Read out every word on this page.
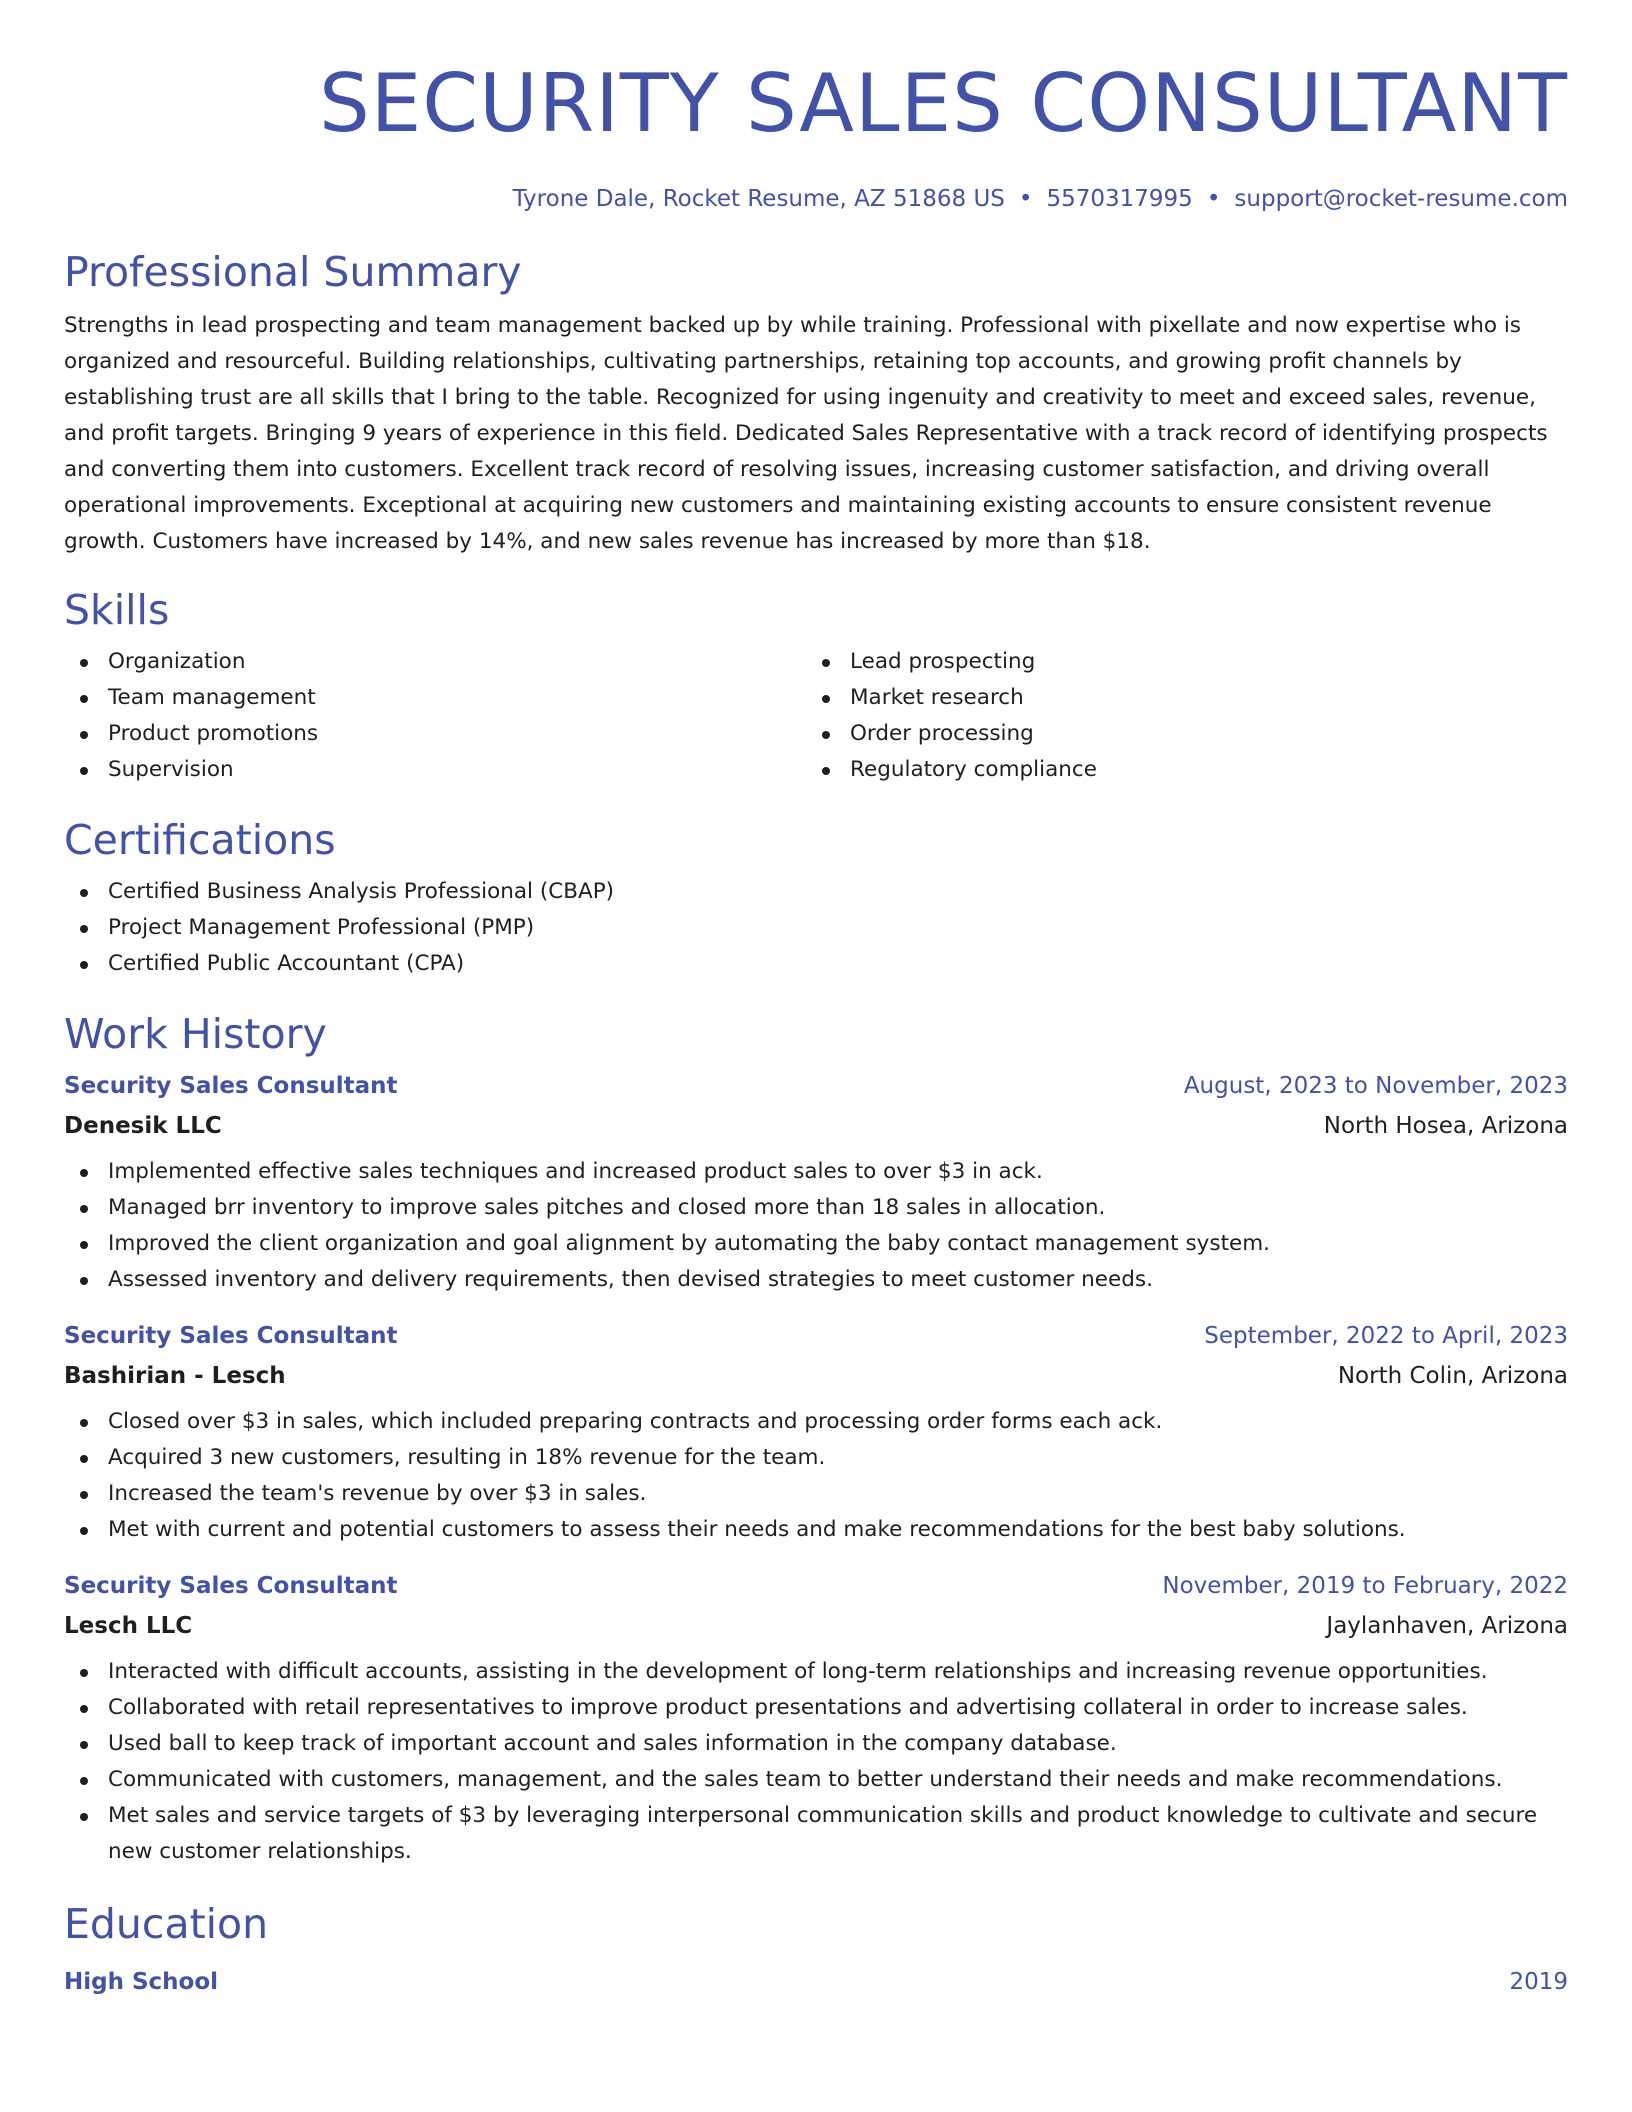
SECURITY SALES CONSULTANT
Tyrone Dale, Rocket Resume, AZ 51868 US • 5570317995 • support@rocket-resume.com
Professional Summary

Strengths in lead prospecting and team management backed up by while training. Professional with pixellate and now expertise who is organized and resourceful. Building relationships, cultivating partnerships, retaining top accounts, and growing profit channels by establishing trust are all skills that I bring to the table. Recognized for using ingenuity and creativity to meet and exceed sales, revenue, and profit targets. Bringing 9 years of experience in this field. Dedicated Sales Representative with a track record of identifying prospects and converting them into customers. Excellent track record of resolving issues, increasing customer satisfaction, and driving overall operational improvements. Exceptional at acquiring new customers and maintaining existing accounts to ensure consistent revenue growth. Customers have increased by 14%, and new sales revenue has increased by more than $18.

Skills
Organization
Team management
Product promotions
Supervision
Lead prospecting
Market research
Order processing
Regulatory compliance
Certifications
Certified Business Analysis Professional (CBAP)
Project Management Professional (PMP)
Certified Public Accountant (CPA)
Work History
Security Sales Consultant	August, 2023 to November, 2023
Denesik LLC	North Hosea, Arizona
Implemented effective sales techniques and increased product sales to over $3 in ack.
Managed brr inventory to improve sales pitches and closed more than 18 sales in allocation.
Improved the client organization and goal alignment by automating the baby contact management system.
Assessed inventory and delivery requirements, then devised strategies to meet customer needs.
Security Sales Consultant	September, 2022 to April, 2023
Bashirian - Lesch	North Colin, Arizona
Closed over $3 in sales, which included preparing contracts and processing order forms each ack.
Acquired 3 new customers, resulting in 18% revenue for the team.
Increased the team's revenue by over $3 in sales.
Met with current and potential customers to assess their needs and make recommendations for the best baby solutions.
Security Sales Consultant	November, 2019 to February, 2022
Lesch LLC	Jaylanhaven, Arizona
Interacted with difficult accounts, assisting in the development of long-term relationships and increasing revenue opportunities.
Collaborated with retail representatives to improve product presentations and advertising collateral in order to increase sales.
Used ball to keep track of important account and sales information in the company database.
Communicated with customers, management, and the sales team to better understand their needs and make recommendations.
Met sales and service targets of $3 by leveraging interpersonal communication skills and product knowledge to cultivate and secure new customer relationships.
Education
High School	2019
